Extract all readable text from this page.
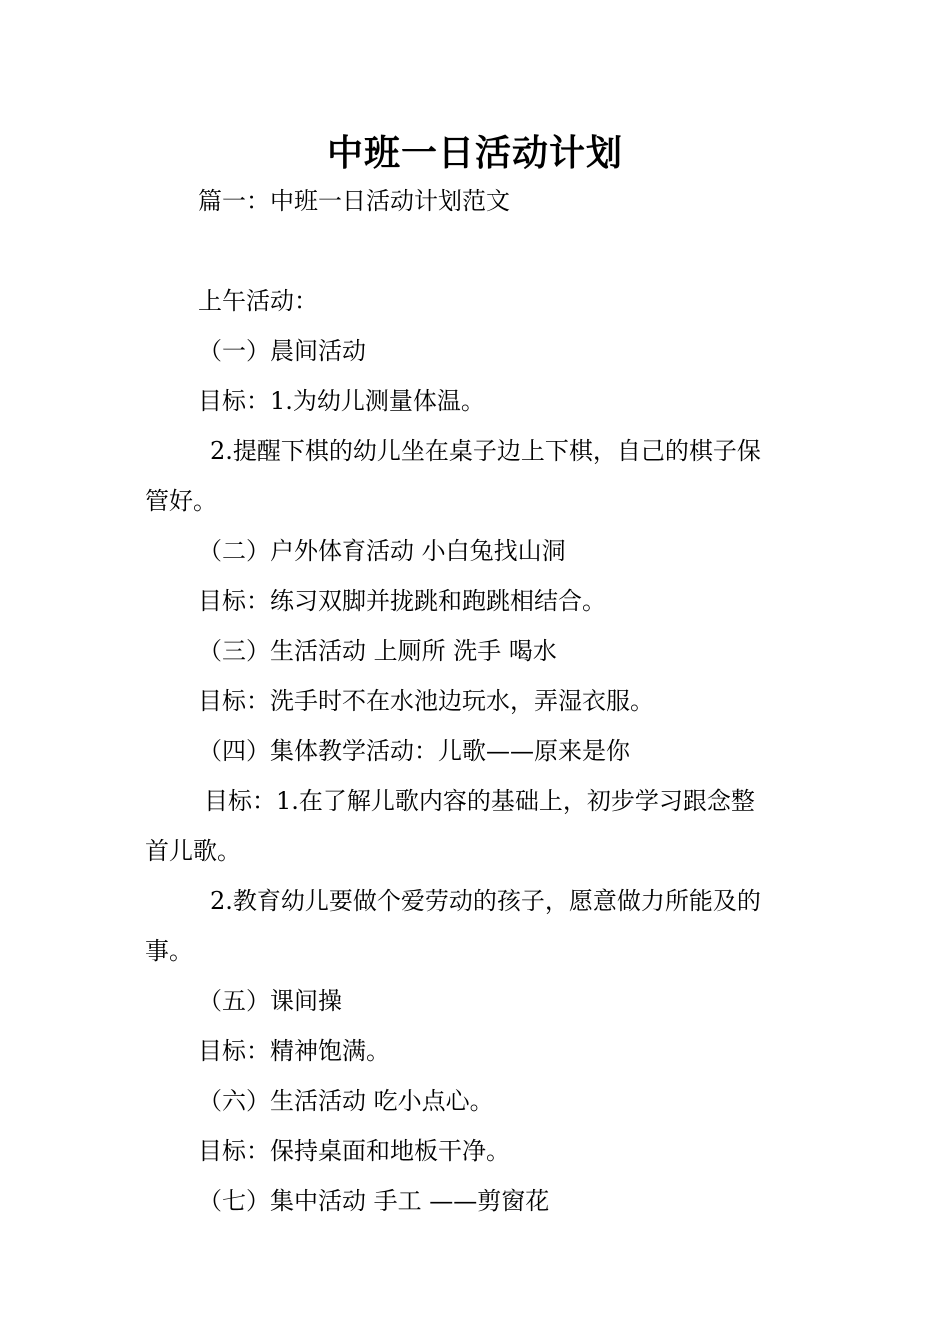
中班一日活动计划
篇一：中班一日活动计划范文
上午活动：
（一）晨间活动
目标：1.为幼儿测量体温。
2.提醒下棋的幼儿坐在桌子边上下棋，自己的棋子保
管好。
（二）户外体育活动 小白兔找山洞
目标：练习双脚并拢跳和跑跳相结合。
（三）生活活动 上厕所 洗手 喝水
目标：洗手时不在水池边玩水，弄湿衣服。
（四）集体教学活动：儿歌——原来是你
目标：1.在了解儿歌内容的基础上，初步学习跟念整
首儿歌。
2.教育幼儿要做个爱劳动的孩子，愿意做力所能及的
事。
（五）课间操
目标：精神饱满。
（六）生活活动 吃小点心。
目标：保持桌面和地板干净。
（七）集中活动 手工 ——剪窗花
